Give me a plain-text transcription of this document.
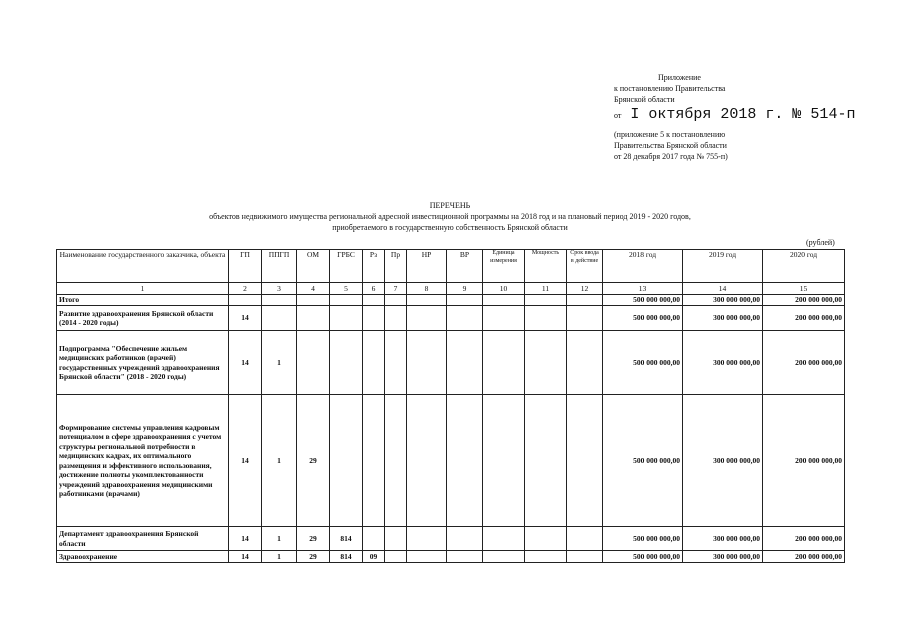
Приложение
к постановлению Правительства
Брянской области
от I октября 2018 г. № 514-п
(приложение 5 к постановлению
Правительства Брянской области
от 28 декабря 2017 года № 755-п)
ПЕРЕЧЕНЬ
объектов недвижимого имущества региональной адресной инвестиционной программы на 2018 год и на плановый период 2019 - 2020 годов,
приобретаемого в государственную собственность Брянской области
(рублей)
Наименование государственного заказчика, объекта	ГП	ППГП	ОМ	ГРБС	Рз	Пр	НР	ВР	Единица измерения	Мощность	Срок ввода в действие	2018 год	2019 год	2020 год
1	2	3	4	5	6	7	8	9	10	11	12	13	14	15
Итого												500 000 000,00	300 000 000,00	200 000 000,00
Развитие здравоохранения Брянской области (2014 - 2020 годы)	14											500 000 000,00	300 000 000,00	200 000 000,00
Подпрограмма "Обеспечение жильем медицинских работников (врачей) государственных учреждений здравоохранения Брянской области" (2018 - 2020 годы)	14	1										500 000 000,00	300 000 000,00	200 000 000,00
Формирование системы управления кадровым потенциалом в сфере здравоохранения с учетом структуры региональной потребности в медицинских кадрах, их оптимального размещения и эффективного использования, достижение полноты укомплектованности учреждений здравоохранения медицинскими работниками (врачами)	14	1	29									500 000 000,00	300 000 000,00	200 000 000,00
Департамент здравоохранения Брянской области	14	1	29	814								500 000 000,00	300 000 000,00	200 000 000,00
Здравоохранение	14	1	29	814	09							500 000 000,00	300 000 000,00	200 000 000,00
